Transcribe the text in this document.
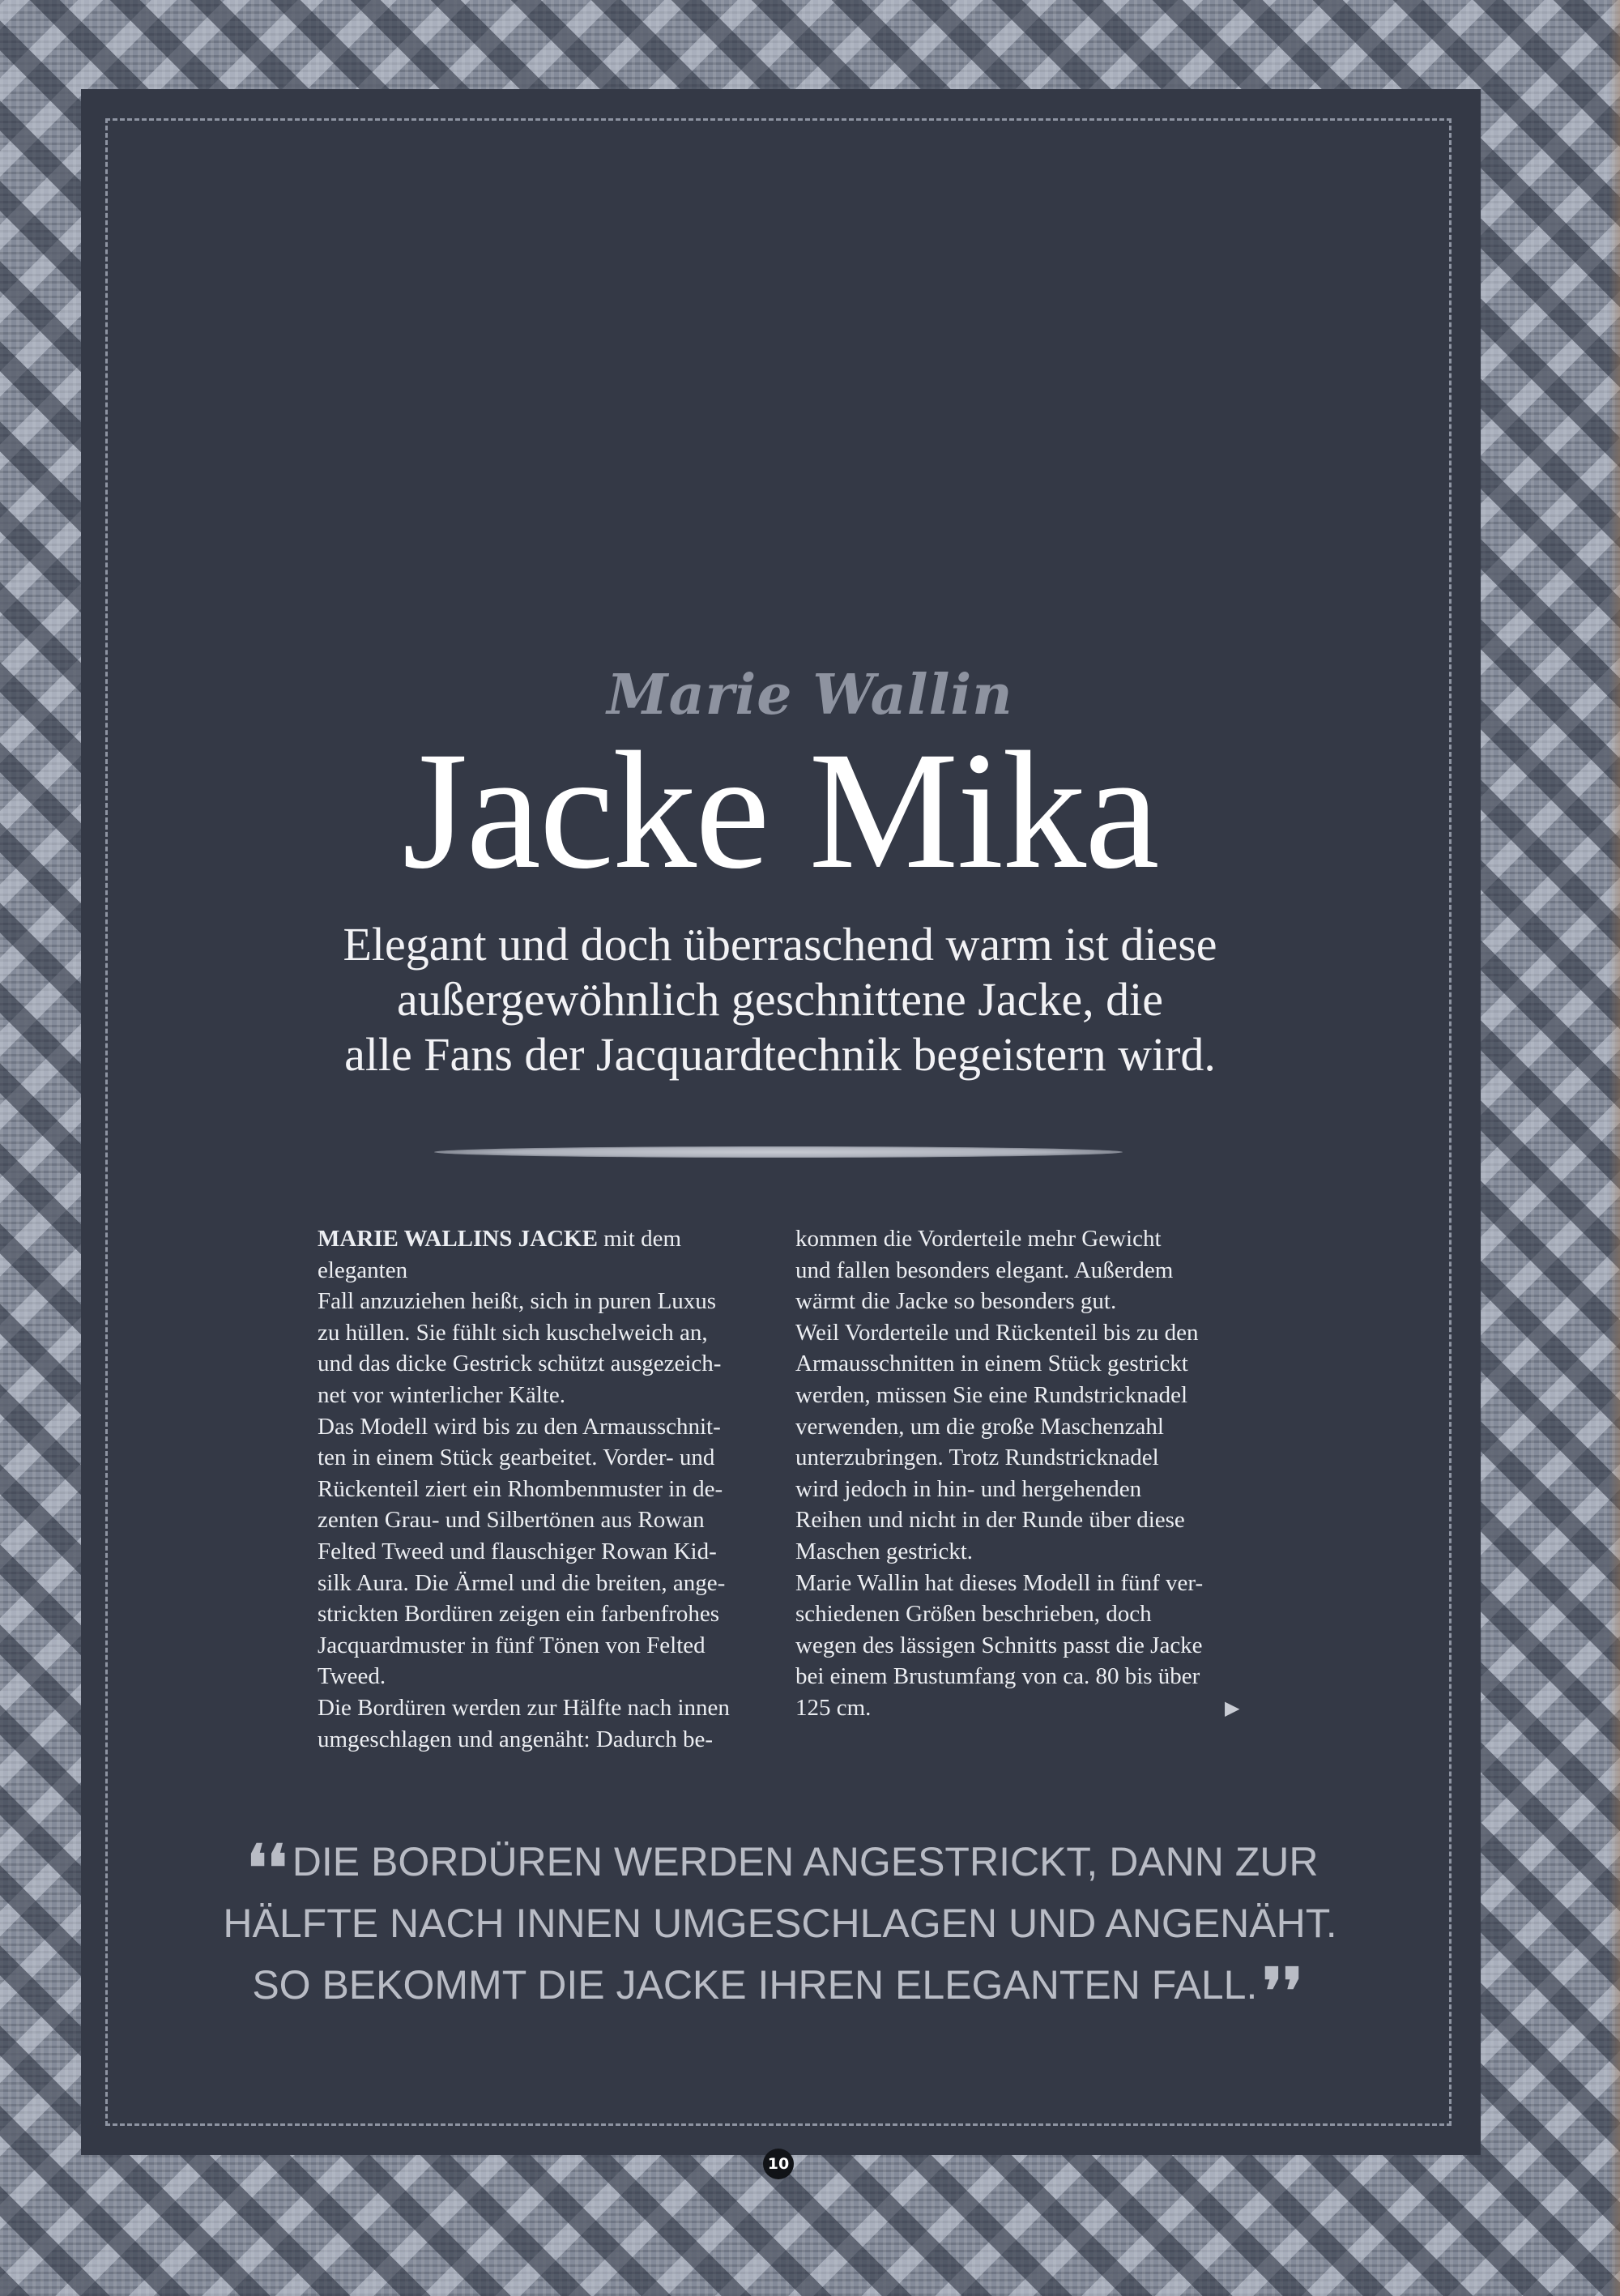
Marie Wallin
Jacke Mika
Elegant und doch überraschend warm ist diese
außergewöhnlich geschnittene Jacke, die
alle Fans der Jacquardtechnik begeistern wird.

MARIE WALLINS JACKE mit dem eleganten
Fall anzuziehen heißt, sich in puren Luxus
zu hüllen. Sie fühlt sich kuschelweich an,
und das dicke Gestrick schützt ausgezeich-
net vor winterlicher Kälte.

Das Modell wird bis zu den Armausschnit-
ten in einem Stück gearbeitet. Vorder- und
Rückenteil ziert ein Rhombenmuster in de-
zenten Grau- und Silbertönen aus Rowan
Felted Tweed und flauschiger Rowan Kid-
silk Aura. Die Ärmel und die breiten, ange-
strickten Bordüren zeigen ein farbenfrohes
Jacquardmuster in fünf Tönen von Felted
Tweed.

Die Bordüren werden zur Hälfte nach innen
umgeschlagen und angenäht: Dadurch be-

kommen die Vorderteile mehr Gewicht
und fallen besonders elegant. Außerdem
wärmt die Jacke so besonders gut.

Weil Vorderteile und Rückenteil bis zu den
Armausschnitten in einem Stück gestrickt
werden, müssen Sie eine Rundstricknadel
verwenden, um die große Maschenzahl
unterzubringen. Trotz Rundstricknadel
wird jedoch in hin- und hergehenden
Reihen und nicht in der Runde über diese
Maschen gestrickt.

Marie Wallin hat dieses Modell in fünf ver-
schiedenen Größen beschrieben, doch
wegen des lässigen Schnitts passt die Jacke
bei einem Brustumfang von ca. 80 bis über
125 cm.	▶
❛❛ DIE BORDÜREN WERDEN ANGESTRICKT, DANN ZUR
HÄLFTE NACH INNEN UMGESCHLAGEN UND ANGENÄHT.
SO BEKOMMT DIE JACKE IHREN ELEGANTEN FALL.❜❜
10
